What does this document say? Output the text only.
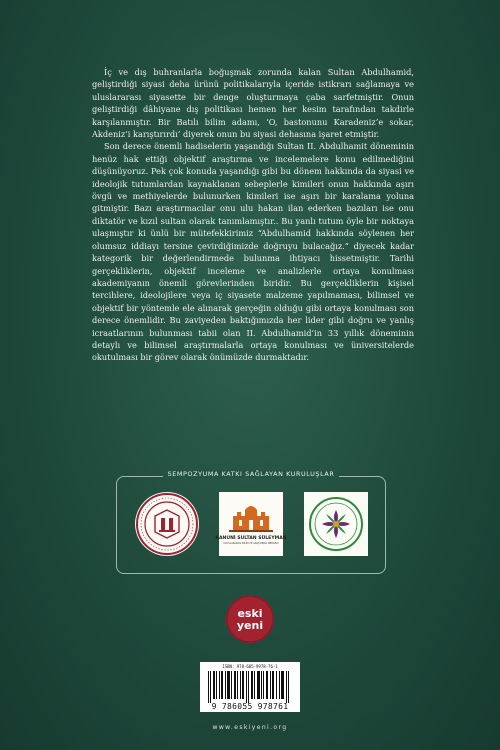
İç ve dış buhranlarla boğuşmak zorunda kalan Sultan Abdulhamid, geliştirdiği siyasi deha ürünü politikalarıyla içeride istikrarı sağlamaya ve uluslararası siyasette bir denge oluşturmaya çaba sarfetmiştir. Onun geliştirdiği dâhiyane dış politikası hemen her kesim tarafından takdirle karşılanmıştır. Bir Batılı bilim adamı, ‘O, bastonunu Karadeniz’e sokar, Akdeniz’i karıştırırdı’ diyerek onun bu siyasi dehasına işaret etmiştir.

Son derece önemli hadiselerin yaşandığı Sultan II. Abdulhamit döneminin henüz hak ettiği objektif araştırma ve incelemelere konu edilmediğini düşünüyoruz. Pek çok konuda yaşandığı gibi bu dönem hakkında da siyasi ve ideolojik tutumlardan kaynaklanan sebeplerle kimileri onun hakkında aşırı övgü ve methiyelerde bulunurken kimileri ise aşırı bir karalama yoluna gitmiştir. Bazı araştırmacılar onu ulu hakan ilan ederken bazıları ise onu diktatör ve kızıl sultan olarak tanımlamıştır.. Bu yanlı tutum öyle bir noktaya ulaşmıştır ki ünlü bir mütefekkirimiz “Abdulhamid hakkında söylenen her olumsuz iddiayı tersine çevirdiğimizde doğruyu bulacağız.” diyecek kadar kategorik bir değerlendirmede bulunma ihtiyacı hissetmiştir. Tarihi gerçekliklerin, objektif inceleme ve analizlerle ortaya konulması akademiyanın önemli görevlerinden biridir. Bu gerçekliklerin kişisel tercihlere, ideolojilere veya iç siyasete malzeme yapılmaması, bilimsel ve objektif bir yöntemle ele alınarak gerçeğin olduğu gibi ortaya konulması son derece önemlidir. Bu zaviyeden baktığımızda her lider gibi doğru ve yanlış icraatlarının bulunması tabii olan II. Abdulhamid’in 33 yıllık döneminin detaylı ve bilimsel araştırmalarla ortaya konulması ve üniversitelerde okutulması bir görev olarak önümüzde durmaktadır.

SEMPOZYUMA KATKI SAĞLAYAN KURULUŞLAR
KANUNİ SULTAN SÜLEYMAN
ULUSLARARASI BİLİM VE ARAŞTIRMA MERKEZİ
eski
yeni
ISBN: 978-605-9978-76-1
9 786055 978761
www.eskiyeni.org
